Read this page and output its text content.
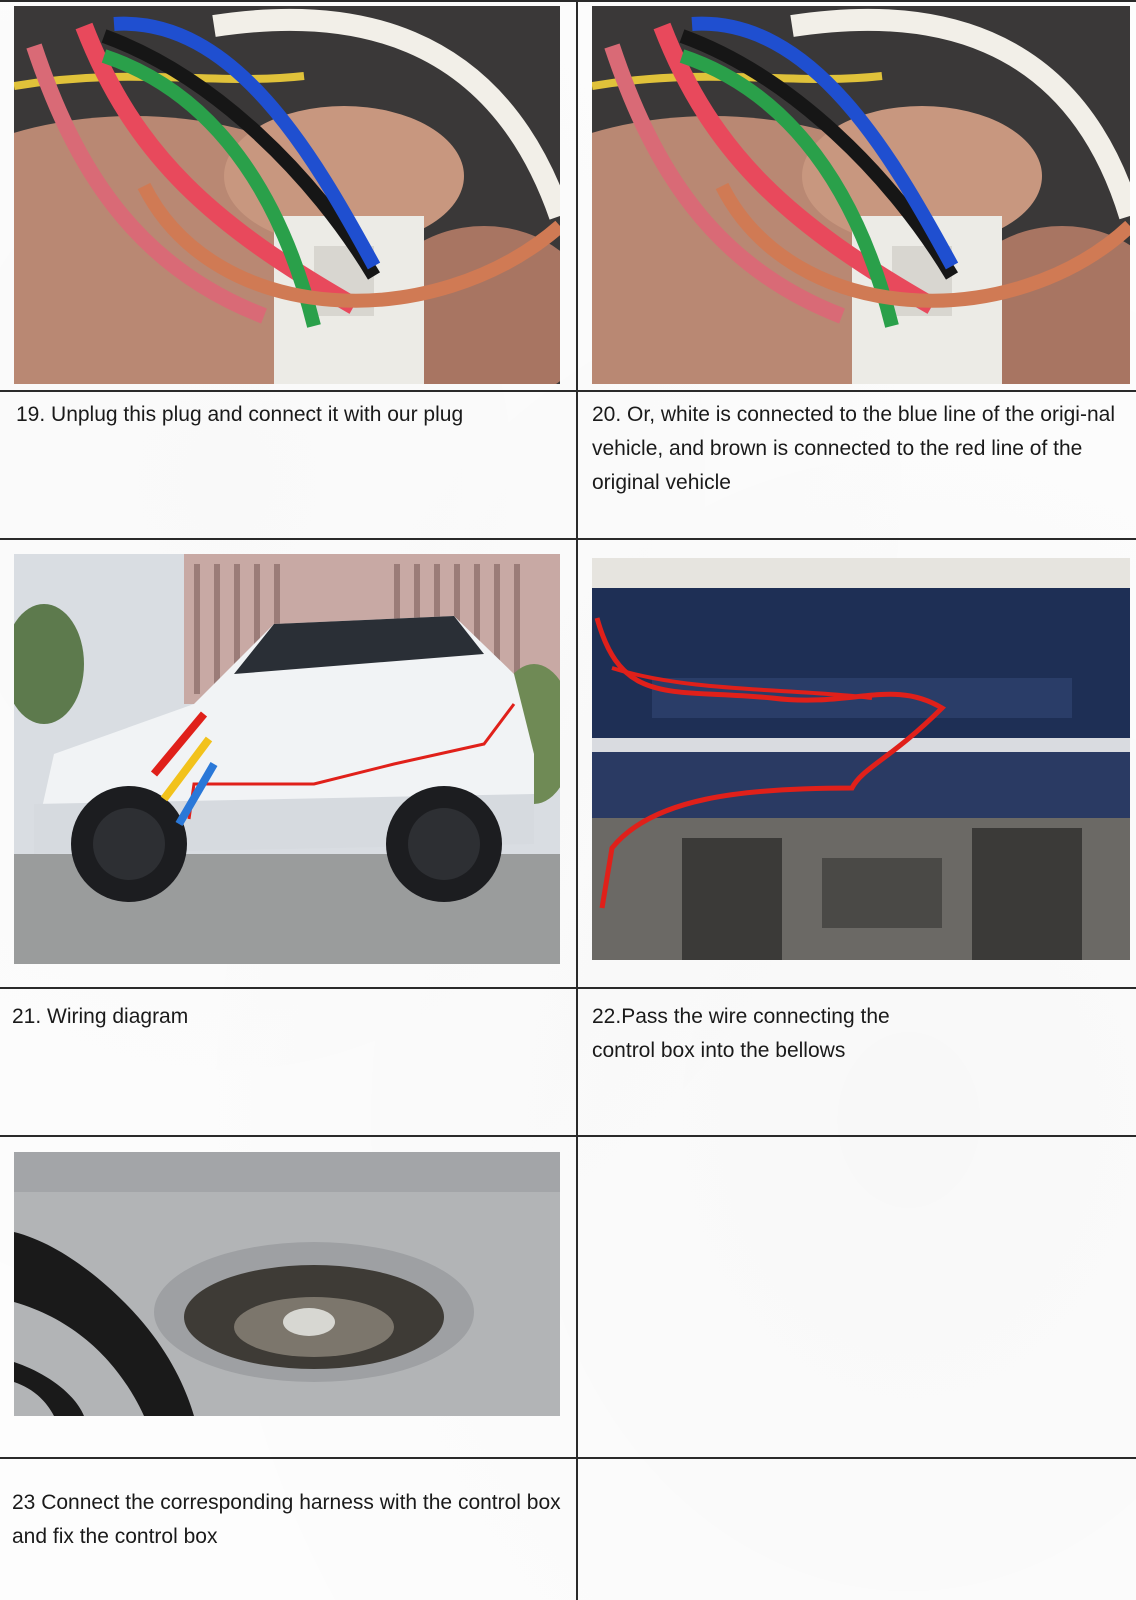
19. Unplug this plug and connect it with our plug	20. Or, white is connected to the blue line of the origi-nal vehicle, and brown is connected to the red line of the original vehicle

21. Wiring diagram	22.Pass the wire connecting the control box into the bellows

23 Connect the corresponding harness with the control box and fix the control box
